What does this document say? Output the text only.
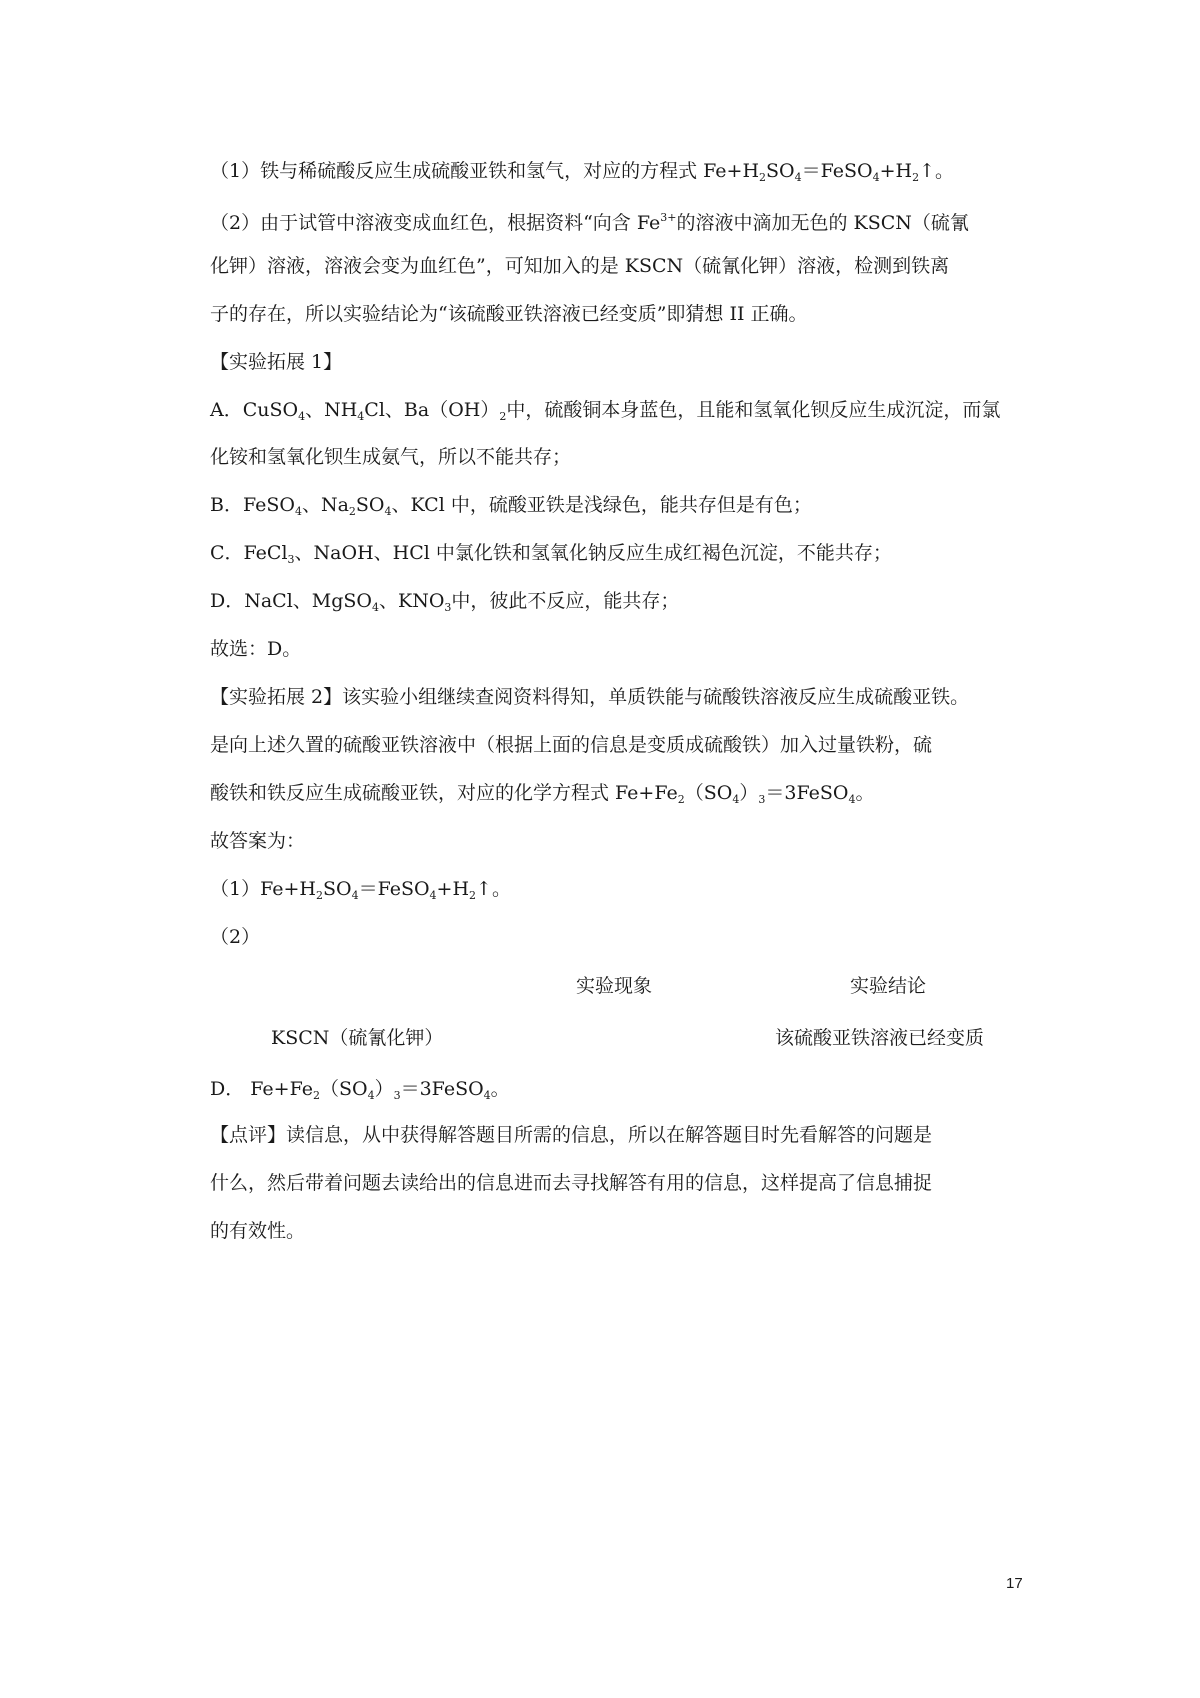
（1）铁与稀硫酸反应生成硫酸亚铁和氢气，对应的方程式 $Fe+H_2SO_4=FeSO_4+H_2↑$。
（2）由于试管中溶液变成血红色，根据资料“向含 $Fe^{3+}$的溶液中滴加无色的 KSCN（硫氰
化钾）溶液，溶液会变为血红色”，可知加入的是 KSCN（硫氰化钾）溶液，检测到铁离
子的存在，所以实验结论为“该硫酸亚铁溶液已经变质”即猜想 II 正确。
【实验拓展 1】
A．CuSO$_4$、$NH_4Cl$、$Ba(OH)_2$中，硫酸铜本身蓝色，且能和氢氧化钡反应生成沉淀，而氯
化铵和氢氧化钡生成氨气，所以不能共存；
B．FeSO$_4$、$Na_2SO_4$、KCl 中，硫酸亚铁是浅绿色，能共存但是有色；
C．FeCl$_3$、NaOH、HCl 中氯化铁和氢氧化钠反应生成红褐色沉淀，不能共存；
D．NaCl、MgSO$_4$、$KNO_3$中，彼此不反应，能共存；
故选：D。
【实验拓展 2】该实验小组继续查阅资料得知，单质铁能与硫酸铁溶液反应生成硫酸亚铁。
是向上述久置的硫酸亚铁溶液中（根据上面的信息是变质成硫酸铁）加入过量铁粉，硫
酸铁和铁反应生成硫酸亚铁，对应的化学方程式 $Fe+Fe_2(SO_4)_3=3FeSO_4$。
故答案为：
$(1)Fe+H_2SO_4=FeSO_4+H_2↑$。
（2）
实验现象	实验结论
KSCN（硫氰化钾）	该硫酸亚铁溶液已经变质
D． $Fe+Fe_2(SO_4)_3=3FeSO_4$。
【点评】读信息，从中获得解答题目所需的信息，所以在解答题目时先看解答的问题是
什么，然后带着问题去读给出的信息进而去寻找解答有用的信息，这样提高了信息捕捉
的有效性。
17
